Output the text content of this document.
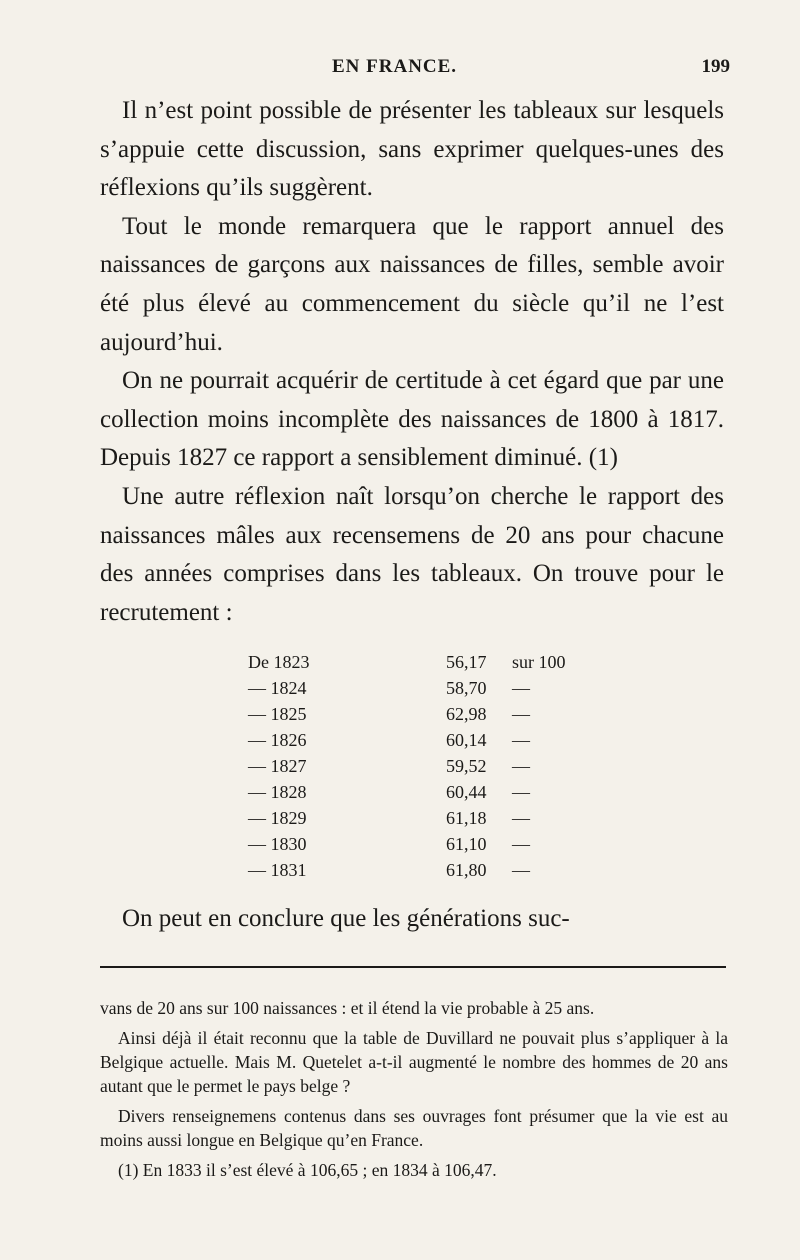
EN FRANCE.	199

Il n’est point possible de présenter les tableaux sur lesquels s’appuie cette discussion, sans exprimer quelques-unes des réflexions qu’ils suggèrent.

Tout le monde remarquera que le rapport annuel des naissances de garçons aux naissances de filles, semble avoir été plus élevé au commencement du siècle qu’il ne l’est aujourd’hui.

On ne pourrait acquérir de certitude à cet égard que par une collection moins incomplète des naissances de 1800 à 1817. Depuis 1827 ce rapport a sensiblement diminué. (1)

Une autre réflexion naît lorsqu’on cherche le rapport des naissances mâles aux recensemens de 20 ans pour chacune des années comprises dans les tableaux. On trouve pour le recrutement :

De 1823	56,17	sur 100
— 1824	58,70	—
— 1825	62,98	—
— 1826	60,14	—
— 1827	59,52	—
— 1828	60,44	—
— 1829	61,18	—
— 1830	61,10	—
— 1831	61,80	—
On peut en conclure que les générations suc-

vans de 20 ans sur 100 naissances : et il étend la vie probable à 25 ans.

Ainsi déjà il était reconnu que la table de Duvillard ne pouvait plus s’appliquer à la Belgique actuelle. Mais M. Quetelet a-t-il augmenté le nombre des hommes de 20 ans autant que le permet le pays belge ?

Divers renseignemens contenus dans ses ouvrages font présumer que la vie est au moins aussi longue en Belgique qu’en France.

(1) En 1833 il s’est élevé à 106,65 ; en 1834 à 106,47.
